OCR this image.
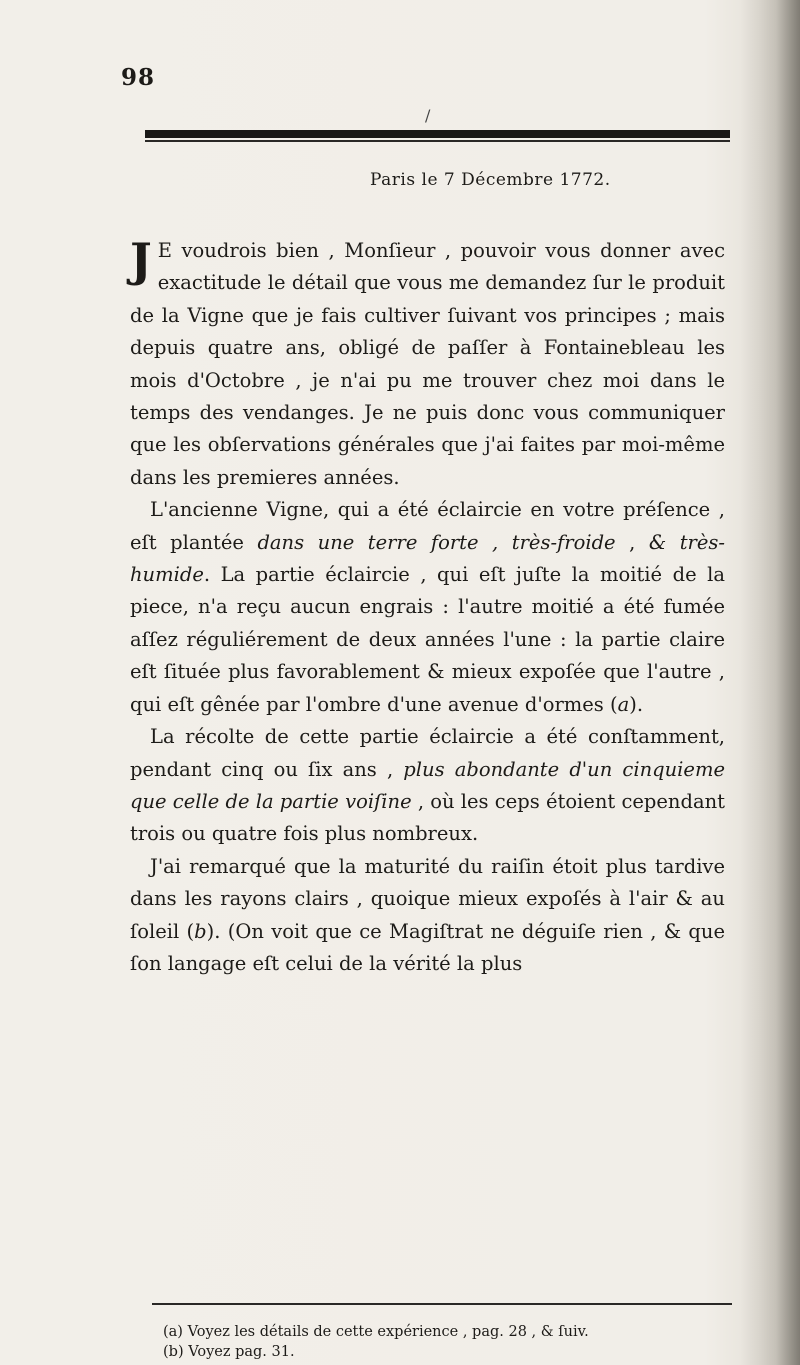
98
/
Paris le 7 Décembre 1772.

J E voudrois bien , Monſieur , pouvoir vous donner avec exactitude le détail que vous me demandez ſur le produit de la Vigne que je fais cultiver ſuivant vos principes ; mais depuis quatre ans, obligé de paſſer à Fontainebleau les mois d'Octobre , je n'ai pu me trouver chez moi dans le temps des vendanges. Je ne puis donc vous communiquer que les obſervations générales que j'ai faites par moi-même dans les premieres années.

L'ancienne Vigne, qui a été éclaircie en votre préſence , eſt plantée dans une terre forte , très-froide , & très-humide. La partie éclaircie , qui eſt juſte la moitié de la piece, n'a reçu aucun engrais : l'autre moitié a été fumée aſſez réguliérement de deux années l'une : la partie claire eſt ſituée plus favorablement & mieux expoſée que l'autre , qui eſt gênée par l'ombre d'une avenue d'ormes (a).

La récolte de cette partie éclaircie a été conſtamment, pendant cinq ou ſix ans , plus abondante d'un cinquieme que celle de la partie voiſine , où les ceps étoient cependant trois ou quatre fois plus nombreux.

J'ai remarqué que la maturité du raiſin étoit plus tardive dans les rayons clairs , quoique mieux expoſés à l'air & au ſoleil (b). (On voit que ce Magiſtrat ne déguiſe rien , & que ſon langage eſt celui de la vérité la plus

(a) Voyez les détails de cette expérience , pag. 28 , & ſuiv.
(b) Voyez pag. 31.
